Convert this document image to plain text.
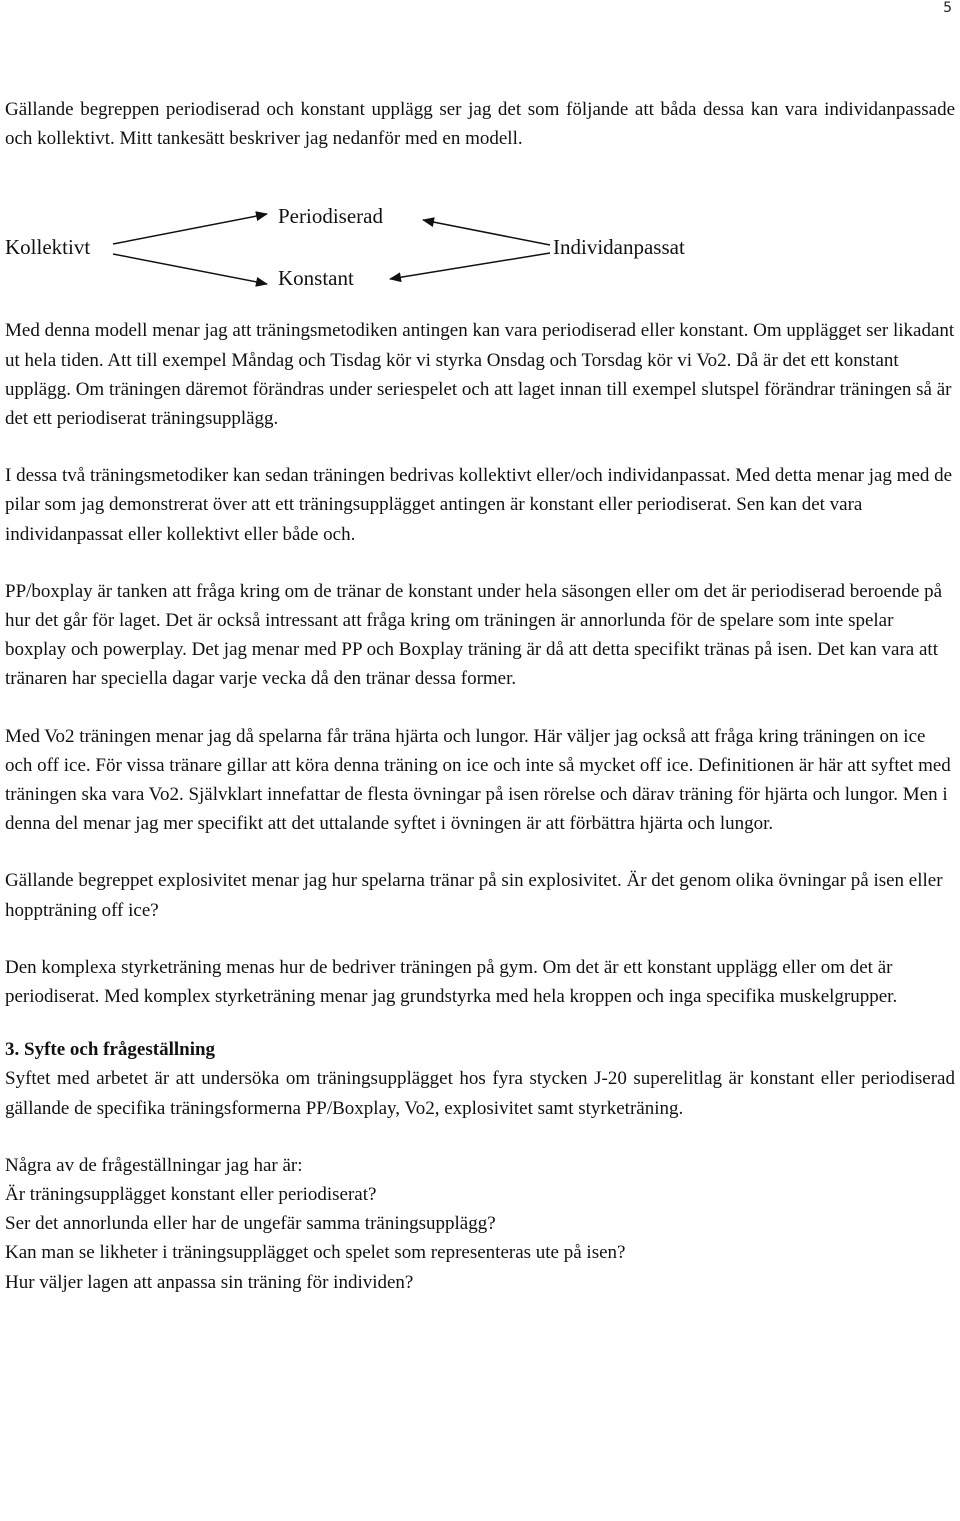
5

Gällande begreppen periodiserad och konstant upplägg ser jag det som följande att båda dessa kan vara individanpassade och kollektivt. Mitt tankesätt beskriver jag nedanför med en modell.

Kollektivt
Periodiserad
Konstant
Individanpassat

Med denna modell menar jag att träningsmetodiken antingen kan vara periodiserad eller konstant. Om upplägget ser likadant ut hela tiden. Att till exempel Måndag och Tisdag kör vi styrka Onsdag och Torsdag kör vi Vo2. Då är det ett konstant upplägg. Om träningen däremot förändras under seriespelet och att laget innan till exempel slutspel förändrar träningen så är det ett periodiserat träningsupplägg.

I dessa två träningsmetodiker kan sedan träningen bedrivas kollektivt eller/och individanpassat. Med detta menar jag med de pilar som jag demonstrerat över att ett träningsupplägget antingen är konstant eller periodiserat. Sen kan det vara individanpassat eller kollektivt eller både och.

PP/boxplay är tanken att fråga kring om de tränar de konstant under hela säsongen eller om det är periodiserad beroende på hur det går för laget. Det är också intressant att fråga kring om träningen är annorlunda för de spelare som inte spelar boxplay och powerplay. Det jag menar med PP och Boxplay träning är då att detta specifikt tränas på isen. Det kan vara att tränaren har speciella dagar varje vecka då den tränar dessa former.

Med Vo2 träningen menar jag då spelarna får träna hjärta och lungor. Här väljer jag också att fråga kring träningen on ice och off ice. För vissa tränare gillar att köra denna träning on ice och inte så mycket off ice. Definitionen är här att syftet med träningen ska vara Vo2. Självklart innefattar de flesta övningar på isen rörelse och därav träning för hjärta och lungor. Men i denna del menar jag mer specifikt att det uttalande syftet i övningen är att förbättra hjärta och lungor.

Gällande begreppet explosivitet menar jag hur spelarna tränar på sin explosivitet. Är det genom olika övningar på isen eller hoppträning off ice?

Den komplexa styrketräning menas hur de bedriver träningen på gym. Om det är ett konstant upplägg eller om det är periodiserat. Med komplex styrketräning menar jag grundstyrka med hela kroppen och inga specifika muskelgrupper.

3. Syfte och frågeställning

Syftet med arbetet är att undersöka om träningsupplägget hos fyra stycken J-20 superelitlag är konstant eller periodiserad gällande de specifika träningsformerna PP/Boxplay, Vo2, explosivitet samt styrketräning.

Några av de frågeställningar jag har är:
Är träningsupplägget konstant eller periodiserat?
Ser det annorlunda eller har de ungefär samma träningsupplägg?
Kan man se likheter i träningsupplägget och spelet som representeras ute på isen?
Hur väljer lagen att anpassa sin träning för individen?
